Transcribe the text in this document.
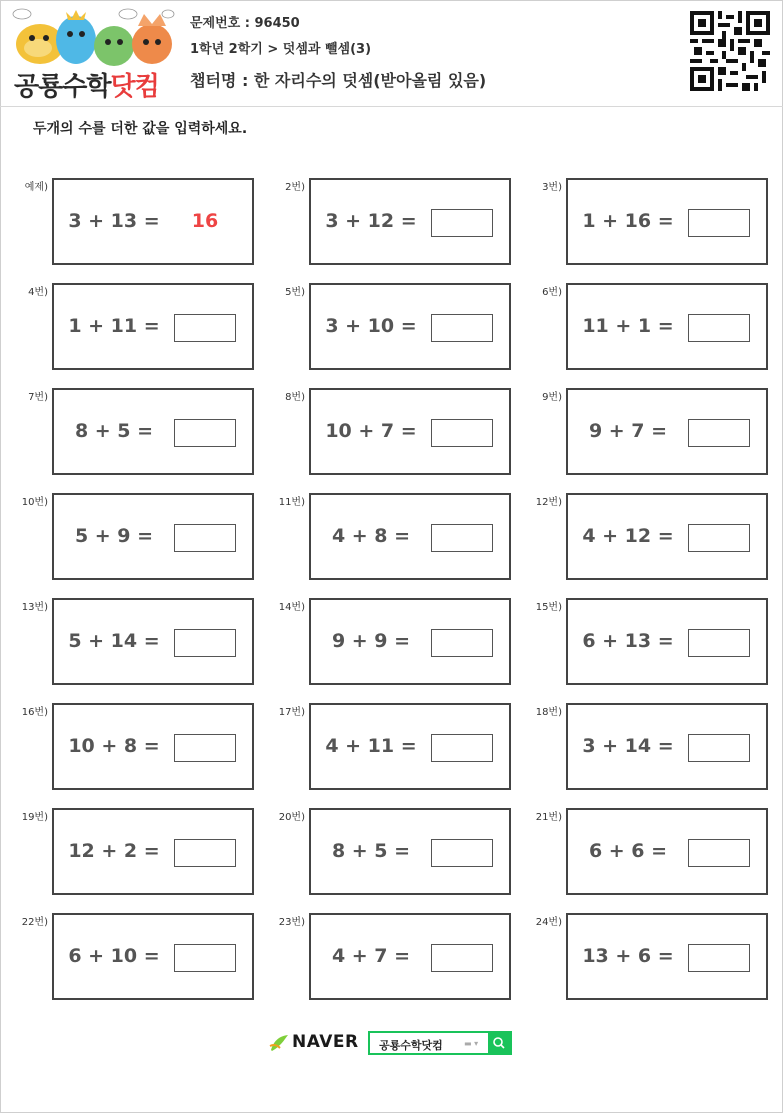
공룡수학닷컴
문제번호 : 96450
1학년 2학기 > 덧셈과 뺄셈(3)
챕터명 : 한 자리수의 덧셈(받아올림 있음)
두개의 수를 더한 값을 입력하세요.
예제)
3 + 13 =	16
2번)
3 + 12 =
3번)
1 + 16 =
4번)
1 + 11 =
5번)
3 + 10 =
6번)
11 + 1 =
7번)
8 + 5 =
8번)
10 + 7 =
9번)
9 + 7 =
10번)
5 + 9 =
11번)
4 + 8 =
12번)
4 + 12 =
13번)
5 + 14 =
14번)
9 + 9 =
15번)
6 + 13 =
16번)
10 + 8 =
17번)
4 + 11 =
18번)
3 + 14 =
19번)
12 + 2 =
20번)
8 + 5 =
21번)
6 + 6 =
22번)
6 + 10 =
23번)
4 + 7 =
24번)
13 + 6 =
NAVER 공룡수학닷컴	▬ ▾
